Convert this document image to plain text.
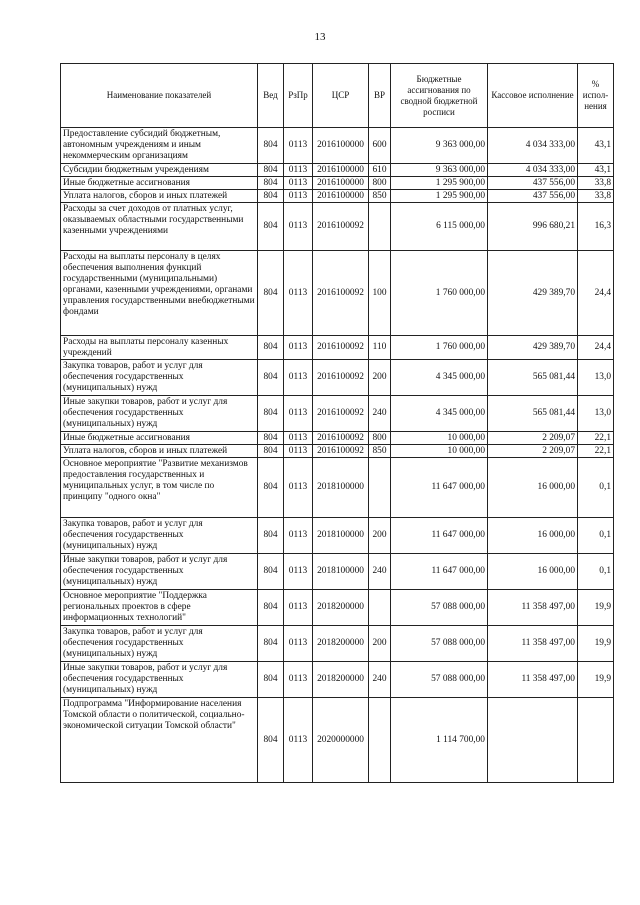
13
Наименование показателей	Вед	РзПр	ЦСР	ВР	Бюджетные ассигнования по сводной бюджетной росписи	Кассовое исполнение	% испол-нения
Предоставление субсидий бюджетным, автономным учреждениям и иным некоммерческим организациям	804	0113	2016100000	600	9 363 000,00	4 034 333,00	43,1
Субсидии бюджетным учреждениям	804	0113	2016100000	610	9 363 000,00	4 034 333,00	43,1
Иные бюджетные ассигнования	804	0113	2016100000	800	1 295 900,00	437 556,00	33,8
Уплата налогов, сборов и иных платежей	804	0113	2016100000	850	1 295 900,00	437 556,00	33,8
Расходы за счет доходов от платных услуг, оказываемых областными государственными казенными учреждениями	804	0113	2016100092		6 115 000,00	996 680,21	16,3
Расходы на выплаты персоналу в целях обеспечения выполнения функций государственными (муниципальными) органами, казенными учреждениями, органами управления государственными внебюджетными фондами	804	0113	2016100092	100	1 760 000,00	429 389,70	24,4
Расходы на выплаты персоналу казенных учреждений	804	0113	2016100092	110	1 760 000,00	429 389,70	24,4
Закупка товаров, работ и услуг для обеспечения государственных (муниципальных) нужд	804	0113	2016100092	200	4 345 000,00	565 081,44	13,0
Иные закупки товаров, работ и услуг для обеспечения государственных (муниципальных) нужд	804	0113	2016100092	240	4 345 000,00	565 081,44	13,0
Иные бюджетные ассигнования	804	0113	2016100092	800	10 000,00	2 209,07	22,1
Уплата налогов, сборов и иных платежей	804	0113	2016100092	850	10 000,00	2 209,07	22,1
Основное мероприятие "Развитие механизмов предоставления государственных и муниципальных услуг, в том числе по принципу "одного окна"	804	0113	2018100000		11 647 000,00	16 000,00	0,1
Закупка товаров, работ и услуг для обеспечения государственных (муниципальных) нужд	804	0113	2018100000	200	11 647 000,00	16 000,00	0,1
Иные закупки товаров, работ и услуг для обеспечения государственных (муниципальных) нужд	804	0113	2018100000	240	11 647 000,00	16 000,00	0,1
Основное мероприятие "Поддержка региональных проектов в сфере информационных технологий"	804	0113	2018200000		57 088 000,00	11 358 497,00	19,9
Закупка товаров, работ и услуг для обеспечения государственных (муниципальных) нужд	804	0113	2018200000	200	57 088 000,00	11 358 497,00	19,9
Иные закупки товаров, работ и услуг для обеспечения государственных (муниципальных) нужд	804	0113	2018200000	240	57 088 000,00	11 358 497,00	19,9
Подпрограмма "Информирование населения Томской области о политической, социально-экономической ситуации Томской области"	804	0113	2020000000		1 114 700,00		
